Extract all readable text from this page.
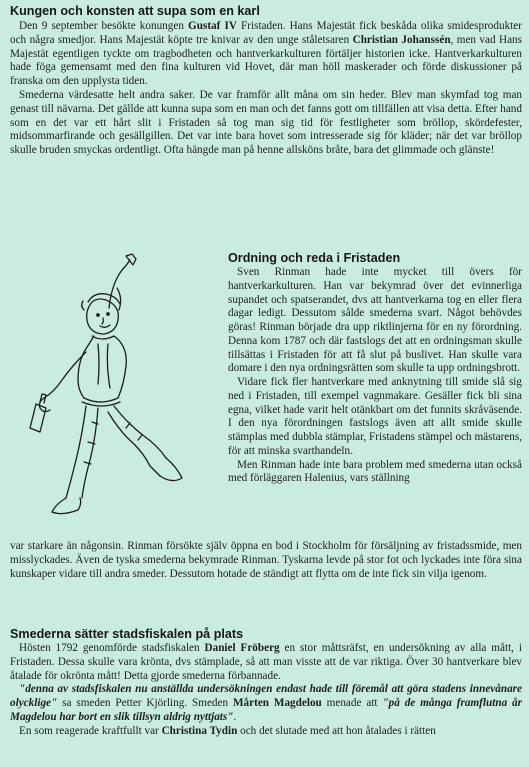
Kungen och konsten att supa som en karl

Den 9 september besökte konungen Gustaf IV Fristaden. Hans Majestät fick beskåda olika smidesprodukter och några smedjor. Hans Majestät köpte tre knivar av den unge ståletsaren Christian Johanssén, men vad Hans Majestät egentligen tyckte om tragbodheten och hantverkarkulturen förtäljer historien icke. Hantverkarkulturen hade föga gemensamt med den fina kulturen vid Hovet, där man höll maskerader och förde diskussioner på franska om den upplysta tiden.

Smederna värdesatte helt andra saker. De var framför allt måna om sin heder. Blev man skymfad tog man genast till nävarna. Det gällde att kunna supa som en man och det fanns gott om tillfällen att visa detta. Efter hand som en det var ett hårt slit i Fristaden så tog man sig tid för festligheter som bröllop, skördefester, midsommarfirande och gesällgillen. Det var inte bara hovet som intresserade sig för kläder; när det var bröllop skulle bruden smyckas ordentligt. Ofta hängde man på henne allsköns bråte, bara det glimmade och glänste!

Ordning och reda i Fristaden

Sven Rinman hade inte mycket till övers för hantverkarkulturen. Han var bekymrad över det evinnerliga supandet och spatserandet, dvs att hantverkarna tog en eller flera dagar ledigt. Dessutom sålde smederna svart. Något behövdes göras! Rinman började dra upp riktlinjerna för en ny förordning. Denna kom 1787 och där fastslogs det att en ordningsman skulle tillsättas i Fristaden för att få slut på buslivet. Han skulle vara domare i den nya ordningsrätten som skulle ta upp ordningsbrott.

Vidare fick fler hantverkare med anknytning till smide slå sig ned i Fristaden, till exempel vagnmakare. Gesäller fick bli sina egna, vilket hade varit helt otänkbart om det funnits skråväsende. I den nya förordningen fastslogs även att allt smide skulle stämplas med dubbla stämplar, Fristadens stämpel och mästarens, för att minska svarthandeln.

Men Rinman hade inte bara problem med smederna utan också med förläggaren Halenius, vars ställning

var starkare än någonsin. Rinman försökte själv öppna en bod i Stockholm för försäljning av fristadssmide, men misslyckades. Även de tyska smederna bekymrade Rinman. Tyskarna levde på stor fot och lyckades inte föra sina kunskaper vidare till andra smeder. Dessutom hotade de ständigt att flytta om de inte fick sin vilja igenom.

Smederna sätter stadsfiskalen på plats

Hösten 1792 genomförde stadsfiskalen Daniel Fröberg en stor måttsräfst, en undersökning av alla mått, i Fristaden. Dessa skulle vara krönta, dvs stämplade, så att man visste att de var riktiga. Över 30 hantverkare blev åtalade för okrönta mått! Detta gjorde smederna förbannade.

"denna av stadsfiskalen nu anställda undersökningen endast hade till föremål att göra stadens innevånare olycklige" sa smeden Petter Kjörling. Smeden Mårten Magdelou menade att "på de många framflutna år Magdelou har bort en slik tillsyn aldrig nyttjats".

En som reagerade kraftfullt var Christina Tydin och det slutade med att hon åtalades i rätten
